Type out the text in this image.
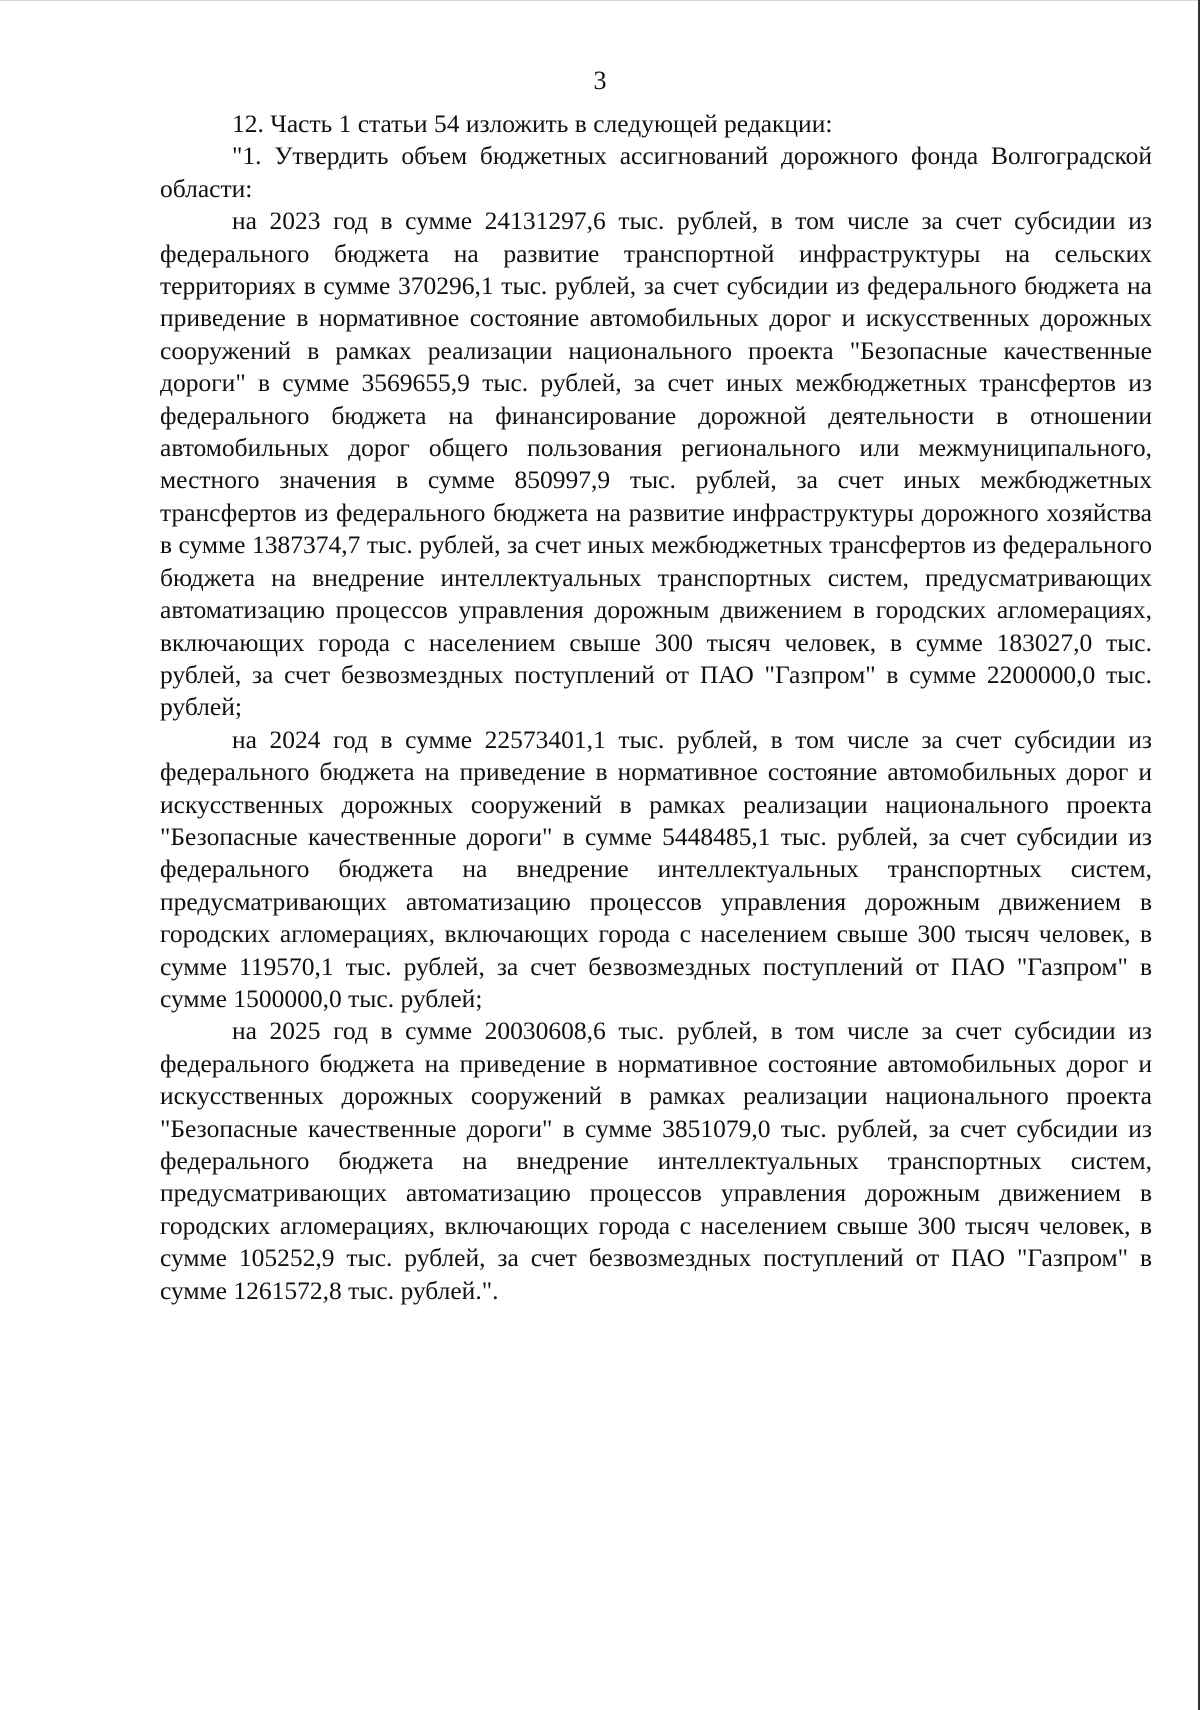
3

12. Часть 1 статьи 54 изложить в следующей редакции:

"1. Утвердить объем бюджетных ассигнований дорожного фонда Волгоградской области:

на 2023 год в сумме 24131297,6 тыс. рублей, в том числе за счет субсидии из федерального бюджета на развитие транспортной инфраструктуры на сельских территориях в сумме 370296,1 тыс. рублей, за счет субсидии из федерального бюджета на приведение в нормативное состояние автомобильных дорог и искусственных дорожных сооружений в рамках реализации национального проекта "Безопасные качественные дороги" в сумме 3569655,9 тыс. рублей, за счет иных межбюджетных трансфертов из федерального бюджета на финансирование дорожной деятельности в отношении автомобильных дорог общего пользования регионального или межмуниципального, местного значения в сумме 850997,9 тыс. рублей, за счет иных межбюджетных трансфертов из федерального бюджета на развитие инфраструктуры дорожного хозяйства в сумме 1387374,7 тыс. рублей, за счет иных межбюджетных трансфертов из федерального бюджета на внедрение интеллектуальных транспортных систем, предусматривающих автоматизацию процессов управления дорожным движением в городских агломерациях, включающих города с населением свыше 300 тысяч человек, в сумме 183027,0 тыс. рублей, за счет безвозмездных поступлений от ПАО "Газпром" в сумме 2200000,0 тыс. рублей;

на 2024 год в сумме 22573401,1 тыс. рублей, в том числе за счет субсидии из федерального бюджета на приведение в нормативное состояние автомобильных дорог и искусственных дорожных сооружений в рамках реализации национального проекта "Безопасные качественные дороги" в сумме 5448485,1 тыс. рублей, за счет субсидии из федерального бюджета на внедрение интеллектуальных транспортных систем, предусматривающих автоматизацию процессов управления дорожным движением в городских агломерациях, включающих города с населением свыше 300 тысяч человек, в сумме 119570,1 тыс. рублей, за счет безвозмездных поступлений от ПАО "Газпром" в сумме 1500000,0 тыс. рублей;

на 2025 год в сумме 20030608,6 тыс. рублей, в том числе за счет субсидии из федерального бюджета на приведение в нормативное состояние автомобильных дорог и искусственных дорожных сооружений в рамках реализации национального проекта "Безопасные качественные дороги" в сумме 3851079,0 тыс. рублей, за счет субсидии из федерального бюджета на внедрение интеллектуальных транспортных систем, предусматривающих автоматизацию процессов управления дорожным движением в городских агломерациях, включающих города с населением свыше 300 тысяч человек, в сумме 105252,9 тыс. рублей, за счет безвозмездных поступлений от ПАО "Газпром" в сумме 1261572,8 тыс. рублей.".
